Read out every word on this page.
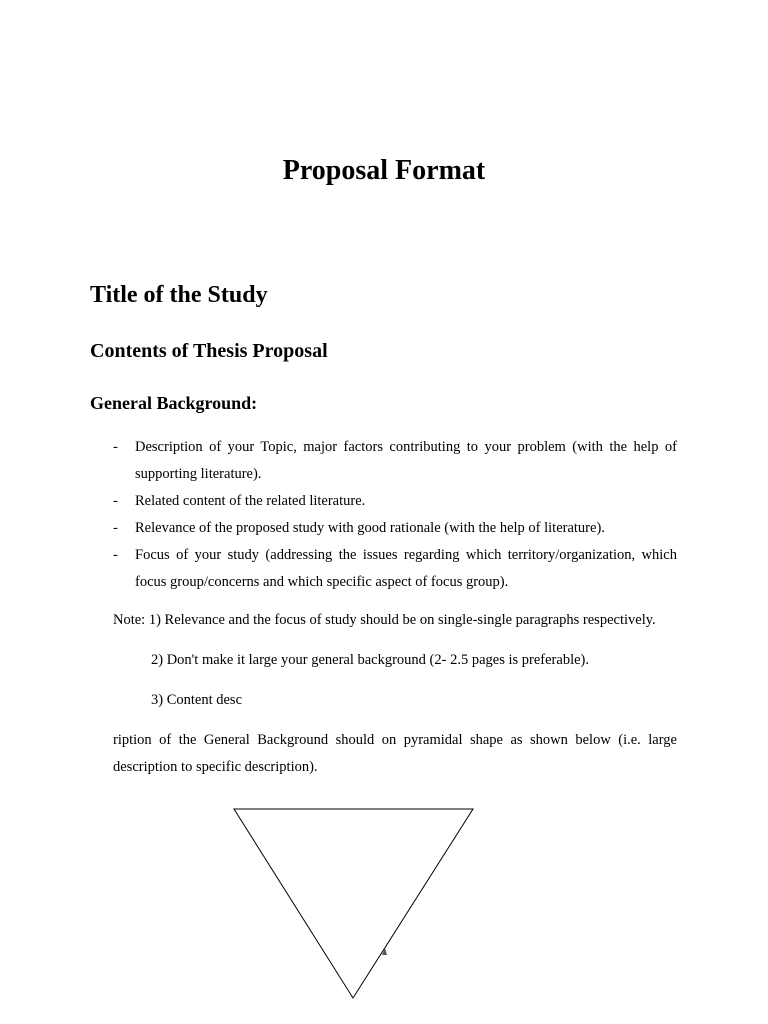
Proposal Format
Title of the Study
Contents of Thesis Proposal
General Background:
- Description of your Topic, major factors contributing to your problem (with the help of supporting literature).
- Related content of the related literature.
- Relevance of the proposed study with good rationale (with the help of literature).
- Focus of your study (addressing the issues regarding which territory/organization, which focus group/concerns and which specific aspect of focus group).
Note: 1) Relevance and the focus of study should be on single-single paragraphs respectively.
2) Don't make it large your general background (2- 2.5 pages is preferable).
3) Content desc
ription of the General Background should on pyramidal shape as shown below (i.e. large description to specific description).
